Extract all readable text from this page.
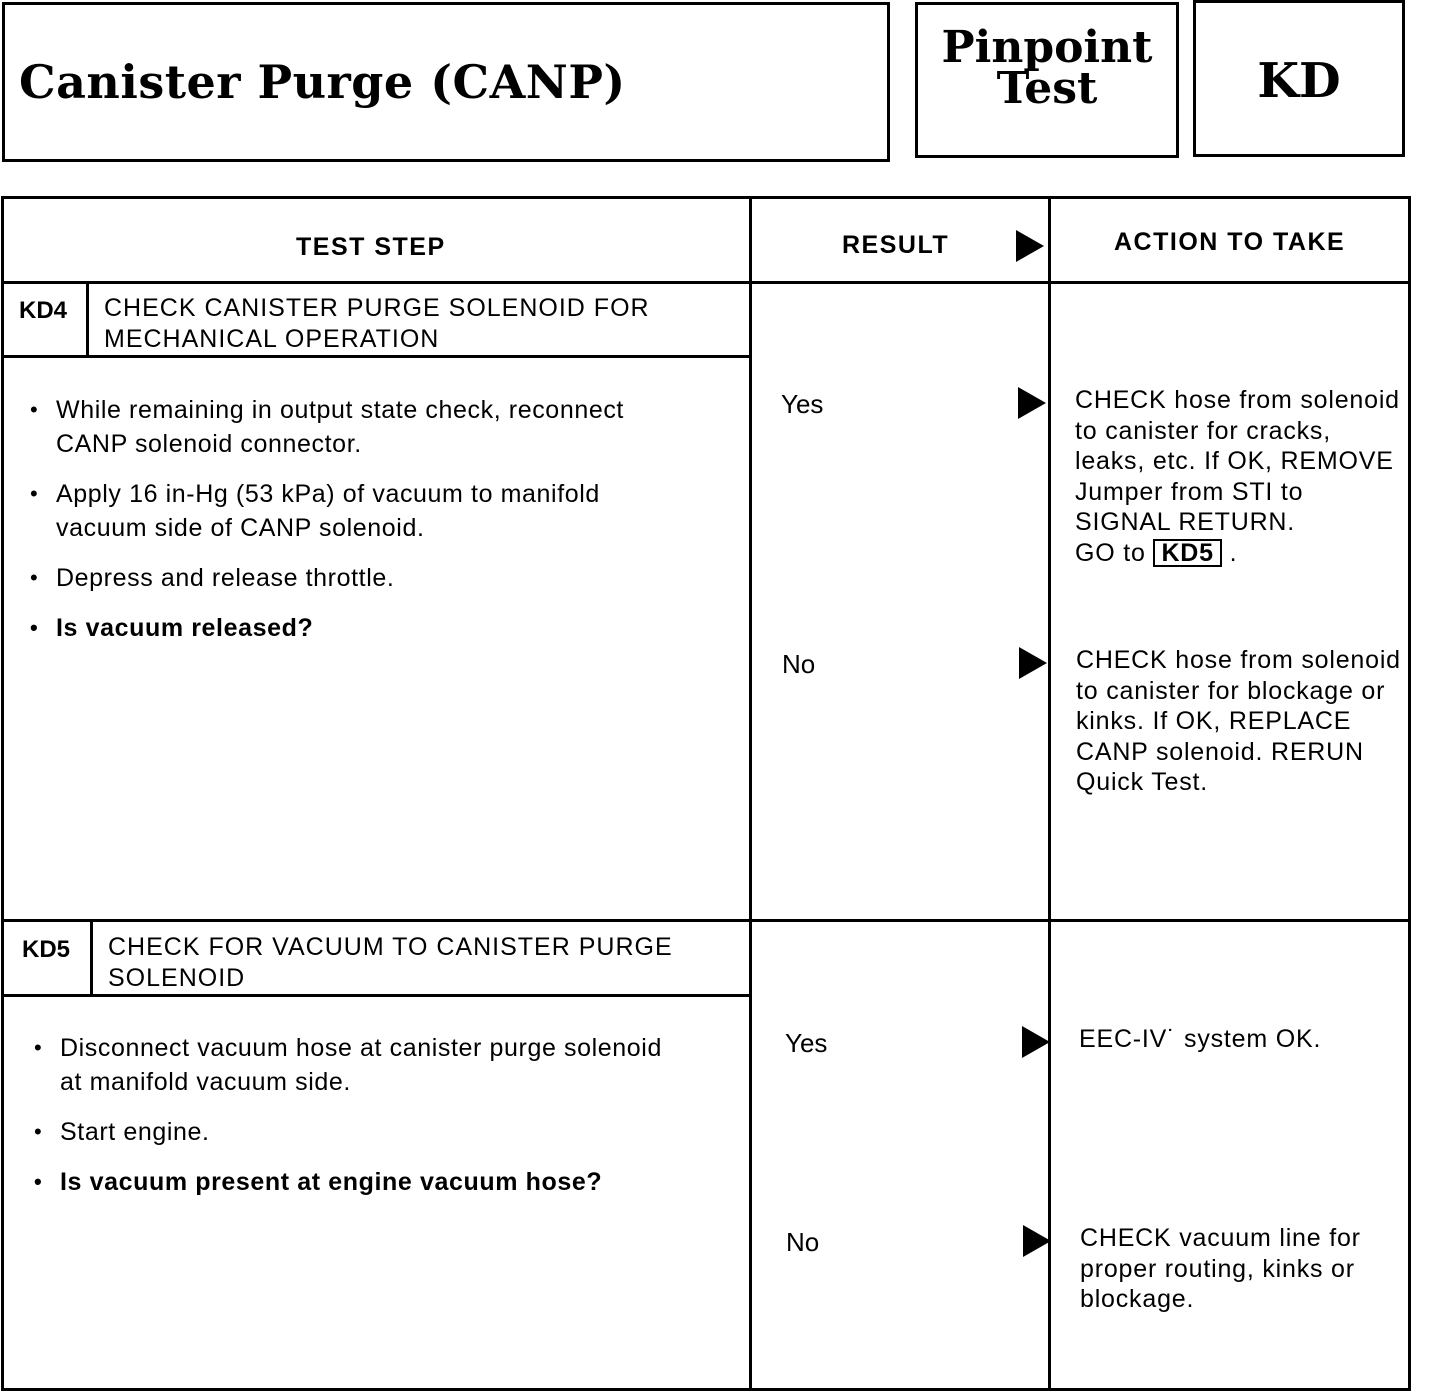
Canister Purge (CANP)
Pinpoint
Test	KD
TEST STEP	RESULT	ACTION TO TAKE
KD4 CHECK CANISTER PURGE SOLENOID FOR MECHANICAL OPERATION
• While remaining in output state check, reconnect CANP solenoid connector.
• Apply 16 in-Hg (53 kPa) of vacuum to manifold vacuum side of CANP solenoid.
• Depress and release throttle.
• Is vacuum released?
Yes	CHECK hose from solenoid to canister for cracks, leaks, etc. If OK, REMOVE Jumper from STI to SIGNAL RETURN.
GO to KD5 .
No	CHECK hose from solenoid to canister for blockage or kinks. If OK, REPLACE CANP solenoid. RERUN Quick Test.
KD5 CHECK FOR VACUUM TO CANISTER PURGE SOLENOID
• Disconnect vacuum hose at canister purge solenoid at manifold vacuum side.
• Start engine.
• Is vacuum present at engine vacuum hose?
Yes	EEC-IV˙ system OK.
No	CHECK vacuum line for proper routing, kinks or blockage.
